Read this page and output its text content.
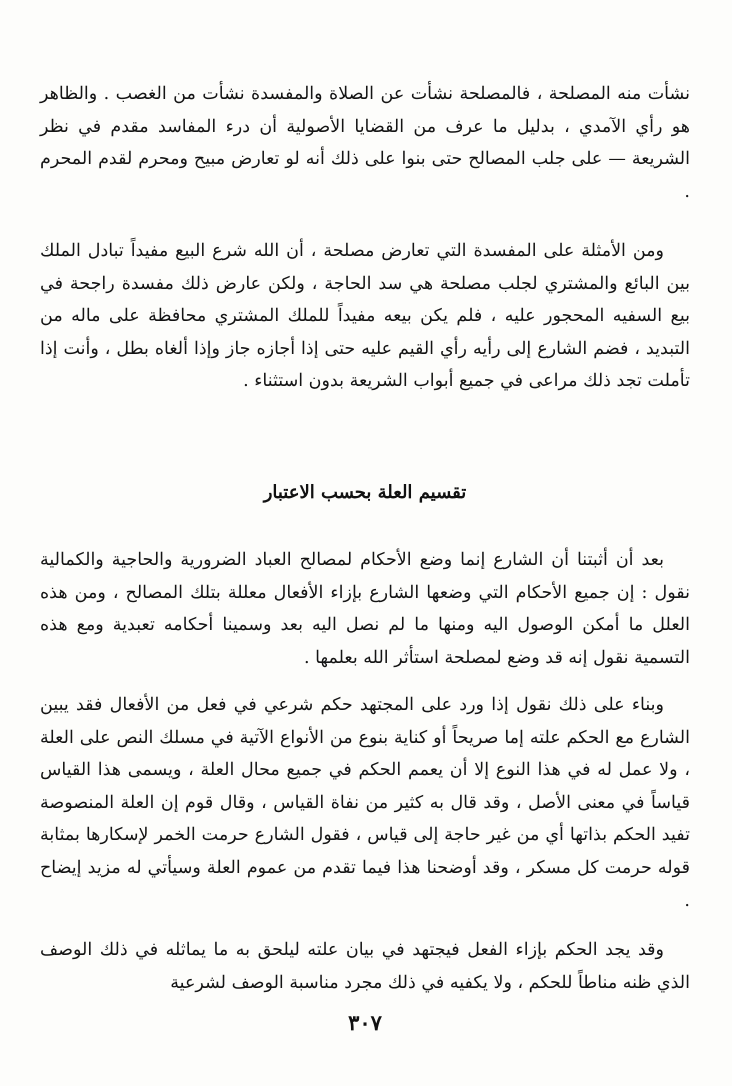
نشأت منه المصلحة ، فالمصلحة نشأت عن الصلاة والمفسدة نشأت من الغصب . والظاهر هو رأي الآمدي ، بدليل ما عرف من القضايا الأصولية أن درء المفاسد مقدم في نظر الشريعة — على جلب المصالح حتى بنوا على ذلك أنه لو تعارض مبيح ومحرم لقدم المحرم .

ومن الأمثلة على المفسدة التي تعارض مصلحة ، أن الله شرع البيع مفيداً تبادل الملك بين البائع والمشتري لجلب مصلحة هي سد الحاجة ، ولكن عارض ذلك مفسدة راجحة في بيع السفيه المحجور عليه ، فلم يكن بيعه مفيداً للملك المشتري محافظة على ماله من التبديد ، فضم الشارع إلى رأيه رأي القيم عليه حتى إذا أجازه جاز وإذا ألغاه بطل ، وأنت إذا تأملت تجد ذلك مراعى في جميع أبواب الشريعة بدون استثناء .

تقسيم العلة بحسب الاعتبار

بعد أن أثبتنا أن الشارع إنما وضع الأحكام لمصالح العباد الضرورية والحاجية والكمالية نقول : إن جميع الأحكام التي وضعها الشارع بإزاء الأفعال معللة بتلك المصالح ، ومن هذه العلل ما أمكن الوصول اليه ومنها ما لم نصل اليه بعد وسمينا أحكامه تعبدية ومع هذه التسمية نقول إنه قد وضع لمصلحة استأثر الله بعلمها .

وبناء على ذلك نقول إذا ورد على المجتهد حكم شرعي في فعل من الأفعال فقد يبين الشارع مع الحكم علته إما صريحاً أو كناية بنوع من الأنواع الآتية في مسلك النص على العلة ، ولا عمل له في هذا النوع إلا أن يعمم الحكم في جميع محال العلة ، ويسمى هذا القياس قياساً في معنى الأصل ، وقد قال به كثير من نفاة القياس ، وقال قوم إن العلة المنصوصة تفيد الحكم بذاتها أي من غير حاجة إلى قياس ، فقول الشارع حرمت الخمر لإسكارها بمثابة قوله حرمت كل مسكر ، وقد أوضحنا هذا فيما تقدم من عموم العلة وسيأتي له مزيد إيضاح .

وقد يجد الحكم بإزاء الفعل فيجتهد في بيان علته ليلحق به ما يماثله في ذلك الوصف الذي ظنه مناطاً للحكم ، ولا يكفيه في ذلك مجرد مناسبة الوصف لشرعية

٣٠٧
